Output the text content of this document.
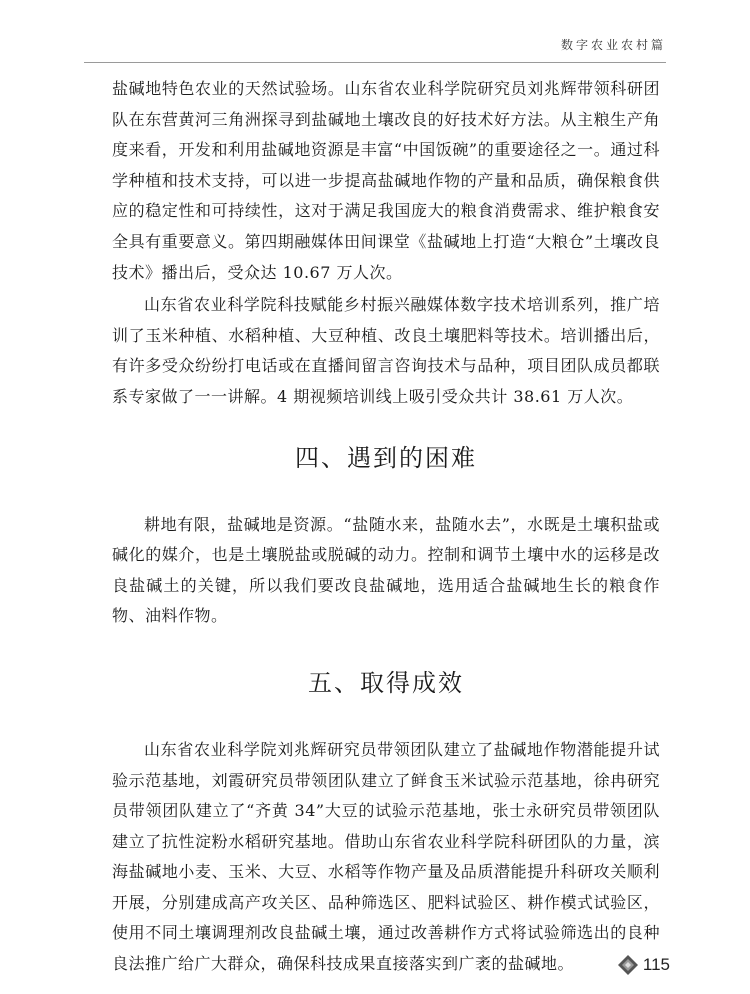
数字农业农村篇

盐碱地特色农业的天然试验场。山东省农业科学院研究员刘兆辉带领科研团队在东营黄河三角洲探寻到盐碱地土壤改良的好技术好方法。从主粮生产角度来看，开发和利用盐碱地资源是丰富“中国饭碗”的重要途径之一。通过科学种植和技术支持，可以进一步提高盐碱地作物的产量和品质，确保粮食供应的稳定性和可持续性，这对于满足我国庞大的粮食消费需求、维护粮食安全具有重要意义。第四期融媒体田间课堂《盐碱地上打造“大粮仓”土壤改良技术》播出后，受众达 10.67 万人次。

山东省农业科学院科技赋能乡村振兴融媒体数字技术培训系列，推广培训了玉米种植、水稻种植、大豆种植、改良土壤肥料等技术。培训播出后，有许多受众纷纷打电话或在直播间留言咨询技术与品种，项目团队成员都联系专家做了一一讲解。4 期视频培训线上吸引受众共计 38.61 万人次。

四、遇到的困难

耕地有限，盐碱地是资源。“盐随水来，盐随水去”，水既是土壤积盐或碱化的媒介，也是土壤脱盐或脱碱的动力。控制和调节土壤中水的运移是改良盐碱土的关键，所以我们要改良盐碱地，选用适合盐碱地生长的粮食作物、油料作物。

五、取得成效

山东省农业科学院刘兆辉研究员带领团队建立了盐碱地作物潜能提升试验示范基地，刘霞研究员带领团队建立了鲜食玉米试验示范基地，徐冉研究员带领团队建立了“齐黄 34”大豆的试验示范基地，张士永研究员带领团队建立了抗性淀粉水稻研究基地。借助山东省农业科学院科研团队的力量，滨海盐碱地小麦、玉米、大豆、水稻等作物产量及品质潜能提升科研攻关顺利开展，分别建成高产攻关区、品种筛选区、肥料试验区、耕作模式试验区，使用不同土壤调理剂改良盐碱土壤，通过改善耕作方式将试验筛选出的良种良法推广给广大群众，确保科技成果直接落实到广袤的盐碱地。	115
